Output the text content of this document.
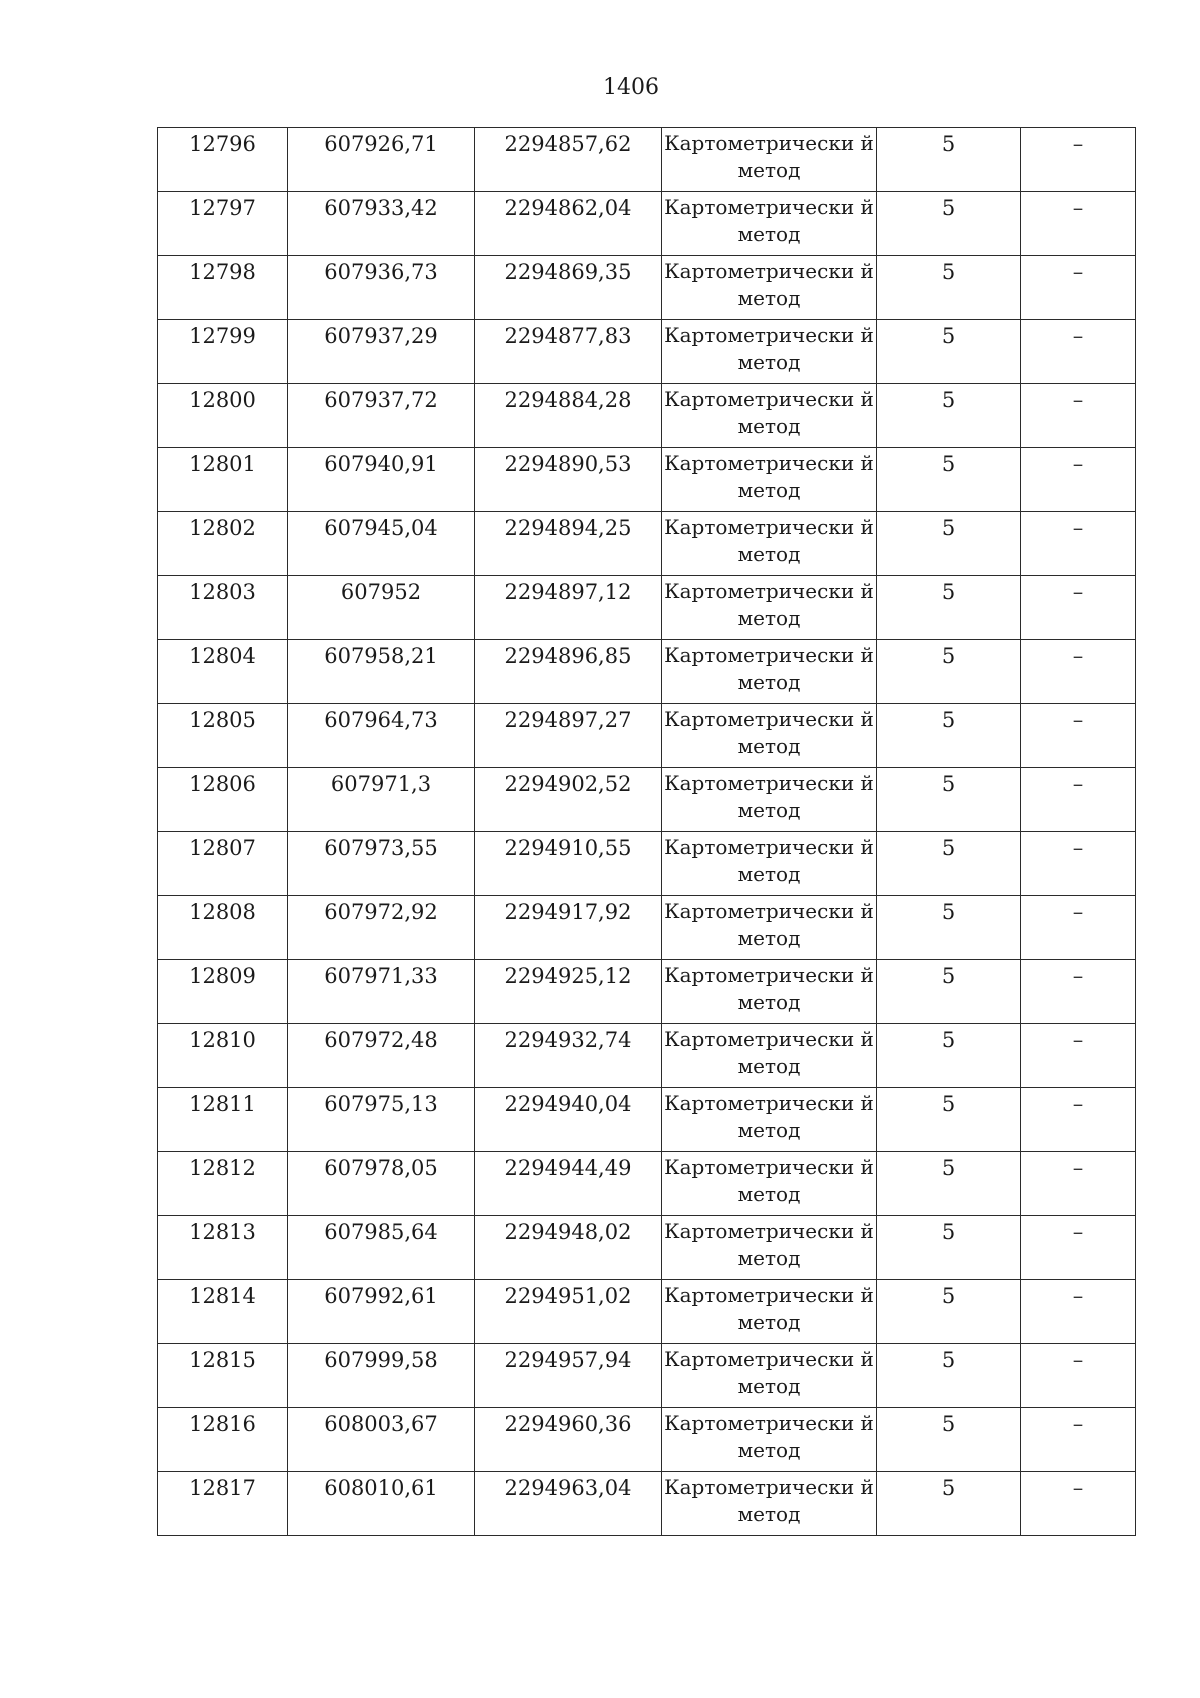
1406
12796	607926,71	2294857,62	Картометрически й метод	5	–
12797	607933,42	2294862,04	Картометрически й метод	5	–
12798	607936,73	2294869,35	Картометрически й метод	5	–
12799	607937,29	2294877,83	Картометрически й метод	5	–
12800	607937,72	2294884,28	Картометрически й метод	5	–
12801	607940,91	2294890,53	Картометрически й метод	5	–
12802	607945,04	2294894,25	Картометрически й метод	5	–
12803	607952	2294897,12	Картометрически й метод	5	–
12804	607958,21	2294896,85	Картометрически й метод	5	–
12805	607964,73	2294897,27	Картометрически й метод	5	–
12806	607971,3	2294902,52	Картометрически й метод	5	–
12807	607973,55	2294910,55	Картометрически й метод	5	–
12808	607972,92	2294917,92	Картометрически й метод	5	–
12809	607971,33	2294925,12	Картометрически й метод	5	–
12810	607972,48	2294932,74	Картометрически й метод	5	–
12811	607975,13	2294940,04	Картометрически й метод	5	–
12812	607978,05	2294944,49	Картометрически й метод	5	–
12813	607985,64	2294948,02	Картометрически й метод	5	–
12814	607992,61	2294951,02	Картометрически й метод	5	–
12815	607999,58	2294957,94	Картометрически й метод	5	–
12816	608003,67	2294960,36	Картометрически й метод	5	–
12817	608010,61	2294963,04	Картометрически й метод	5	–
